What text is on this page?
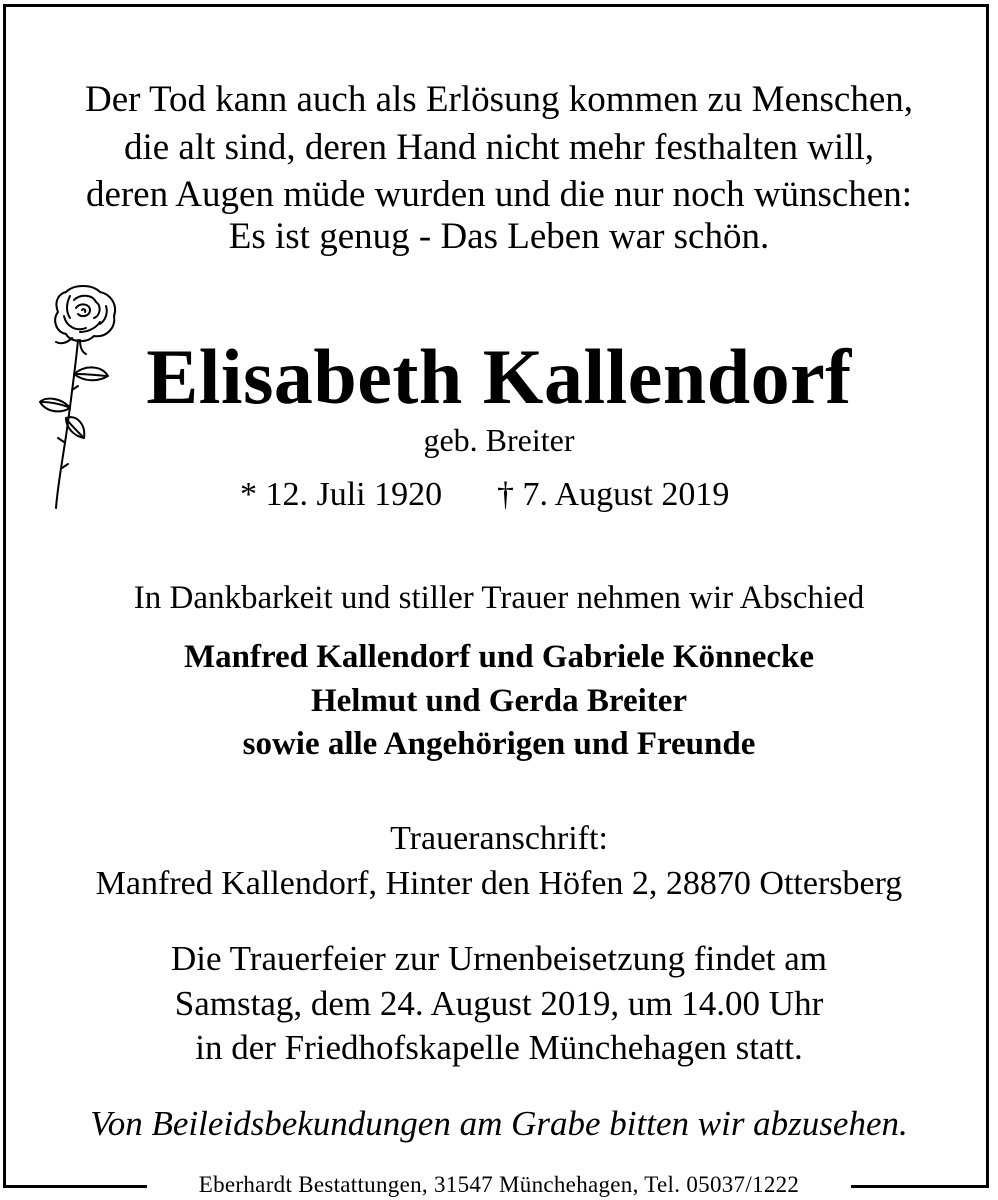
Der Tod kann auch als Erlösung kommen zu Menschen,
die alt sind, deren Hand nicht mehr festhalten will,
deren Augen müde wurden und die nur noch wünschen:
Es ist genug - Das Leben war schön.
Elisabeth Kallendorf
geb. Breiter
* 12. Juli 1920 † 7. August 2019
In Dankbarkeit und stiller Trauer nehmen wir Abschied
Manfred Kallendorf und Gabriele Könnecke
Helmut und Gerda Breiter
sowie alle Angehörigen und Freunde
Traueranschrift:
Manfred Kallendorf, Hinter den Höfen 2, 28870 Ottersberg
Die Trauerfeier zur Urnenbeisetzung findet am
Samstag, dem 24. August 2019, um 14.00 Uhr
in der Friedhofskapelle Münchehagen statt.
Von Beileidsbekundungen am Grabe bitten wir abzusehen.
Eberhardt Bestattungen, 31547 Münchehagen, Tel. 05037/1222
